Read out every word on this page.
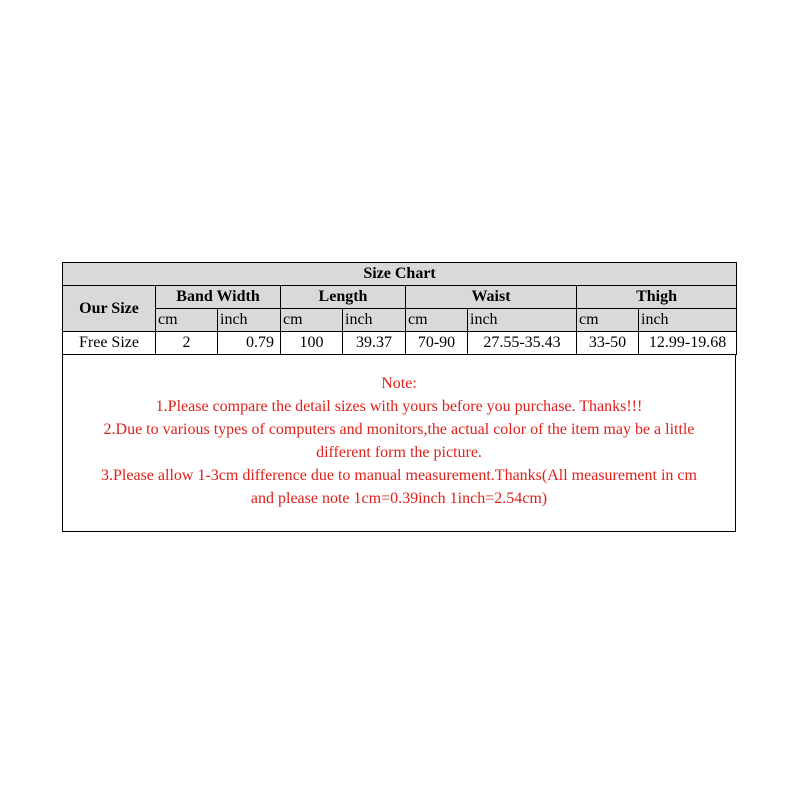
Size Chart								
Our Size	Band Width		Length		Waist		Thigh	
	cm	inch	cm	inch	cm	inch	cm	inch
Free Size	2	0.79	100	39.37	70-90	27.55-35.43	33-50	12.99-19.68
Note:
1.Please compare the detail sizes with yours before you purchase. Thanks!!!
2.Due to various types of computers and monitors,the actual color of the item may be a little
different form the picture.
3.Please allow 1-3cm difference due to manual measurement.Thanks(All measurement in cm
and please note 1cm=0.39inch 1inch=2.54cm)
